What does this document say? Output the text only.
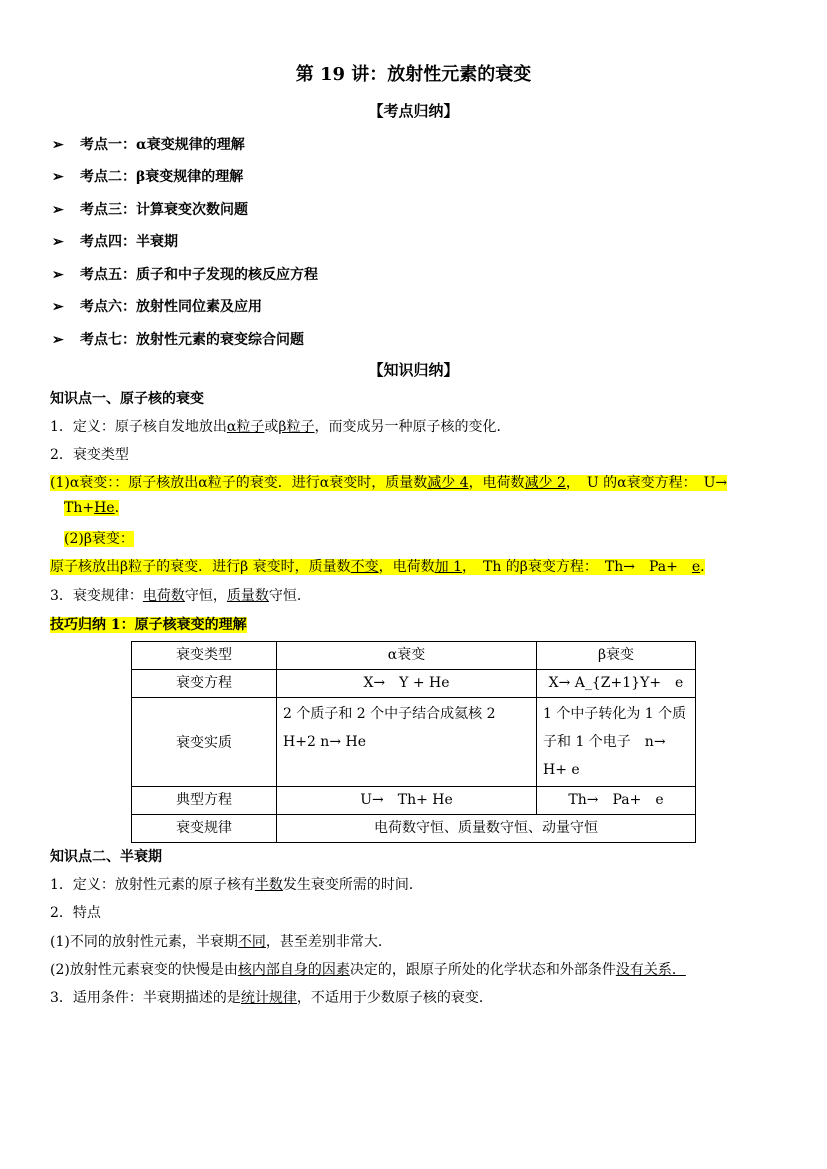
第 19 讲：放射性元素的衰变
【考点归纳】
➢ 考点一：α衰变规律的理解
➢ 考点二：β衰变规律的理解
➢ 考点三：计算衰变次数问题
➢ 考点四：半衰期
➢ 考点五：质子和中子发现的核反应方程
➢ 考点六：放射性同位素及应用
➢ 考点七：放射性元素的衰变综合问题
【知识归纳】
知识点一、原子核的衰变
1．定义：原子核自发地放出α粒子或β粒子，而变成另一种原子核的变化．
2．衰变类型
(1)α衰变：：原子核放出α粒子的衰变．进行α衰变时，质量数减少 4，电荷数减少 2，　U 的α衰变方程：　U→
Th+He.
(2)β衰变：
原子核放出β粒子的衰变．进行β 衰变时，质量数不变，电荷数加 1，　Th 的β衰变方程：　Th→　Pa+　e.
3．衰变规律：电荷数守恒，质量数守恒．
技巧归纳 1：原子核衰变的理解
衰变类型	α衰变	β衰变
衰变方程	X→　Y + He	X→ A_{Z+1}Y+　e
衰变实质	2 个质子和 2 个中子结合成氦核 2 H+2 n→ He	1 个中子转化为 1 个质子和 1 个电子　n→ H+ e
典型方程	U→　Th+ He	Th→　Pa+　e
衰变规律	电荷数守恒、质量数守恒、动量守恒	
知识点二、半衰期
1．定义：放射性元素的原子核有半数发生衰变所需的时间．
2．特点
(1)不同的放射性元素，半衰期不同，甚至差别非常大．
(2)放射性元素衰变的快慢是由核内部自身的因素决定的，跟原子所处的化学状态和外部条件没有关系．
3．适用条件：半衰期描述的是统计规律，不适用于少数原子核的衰变．
